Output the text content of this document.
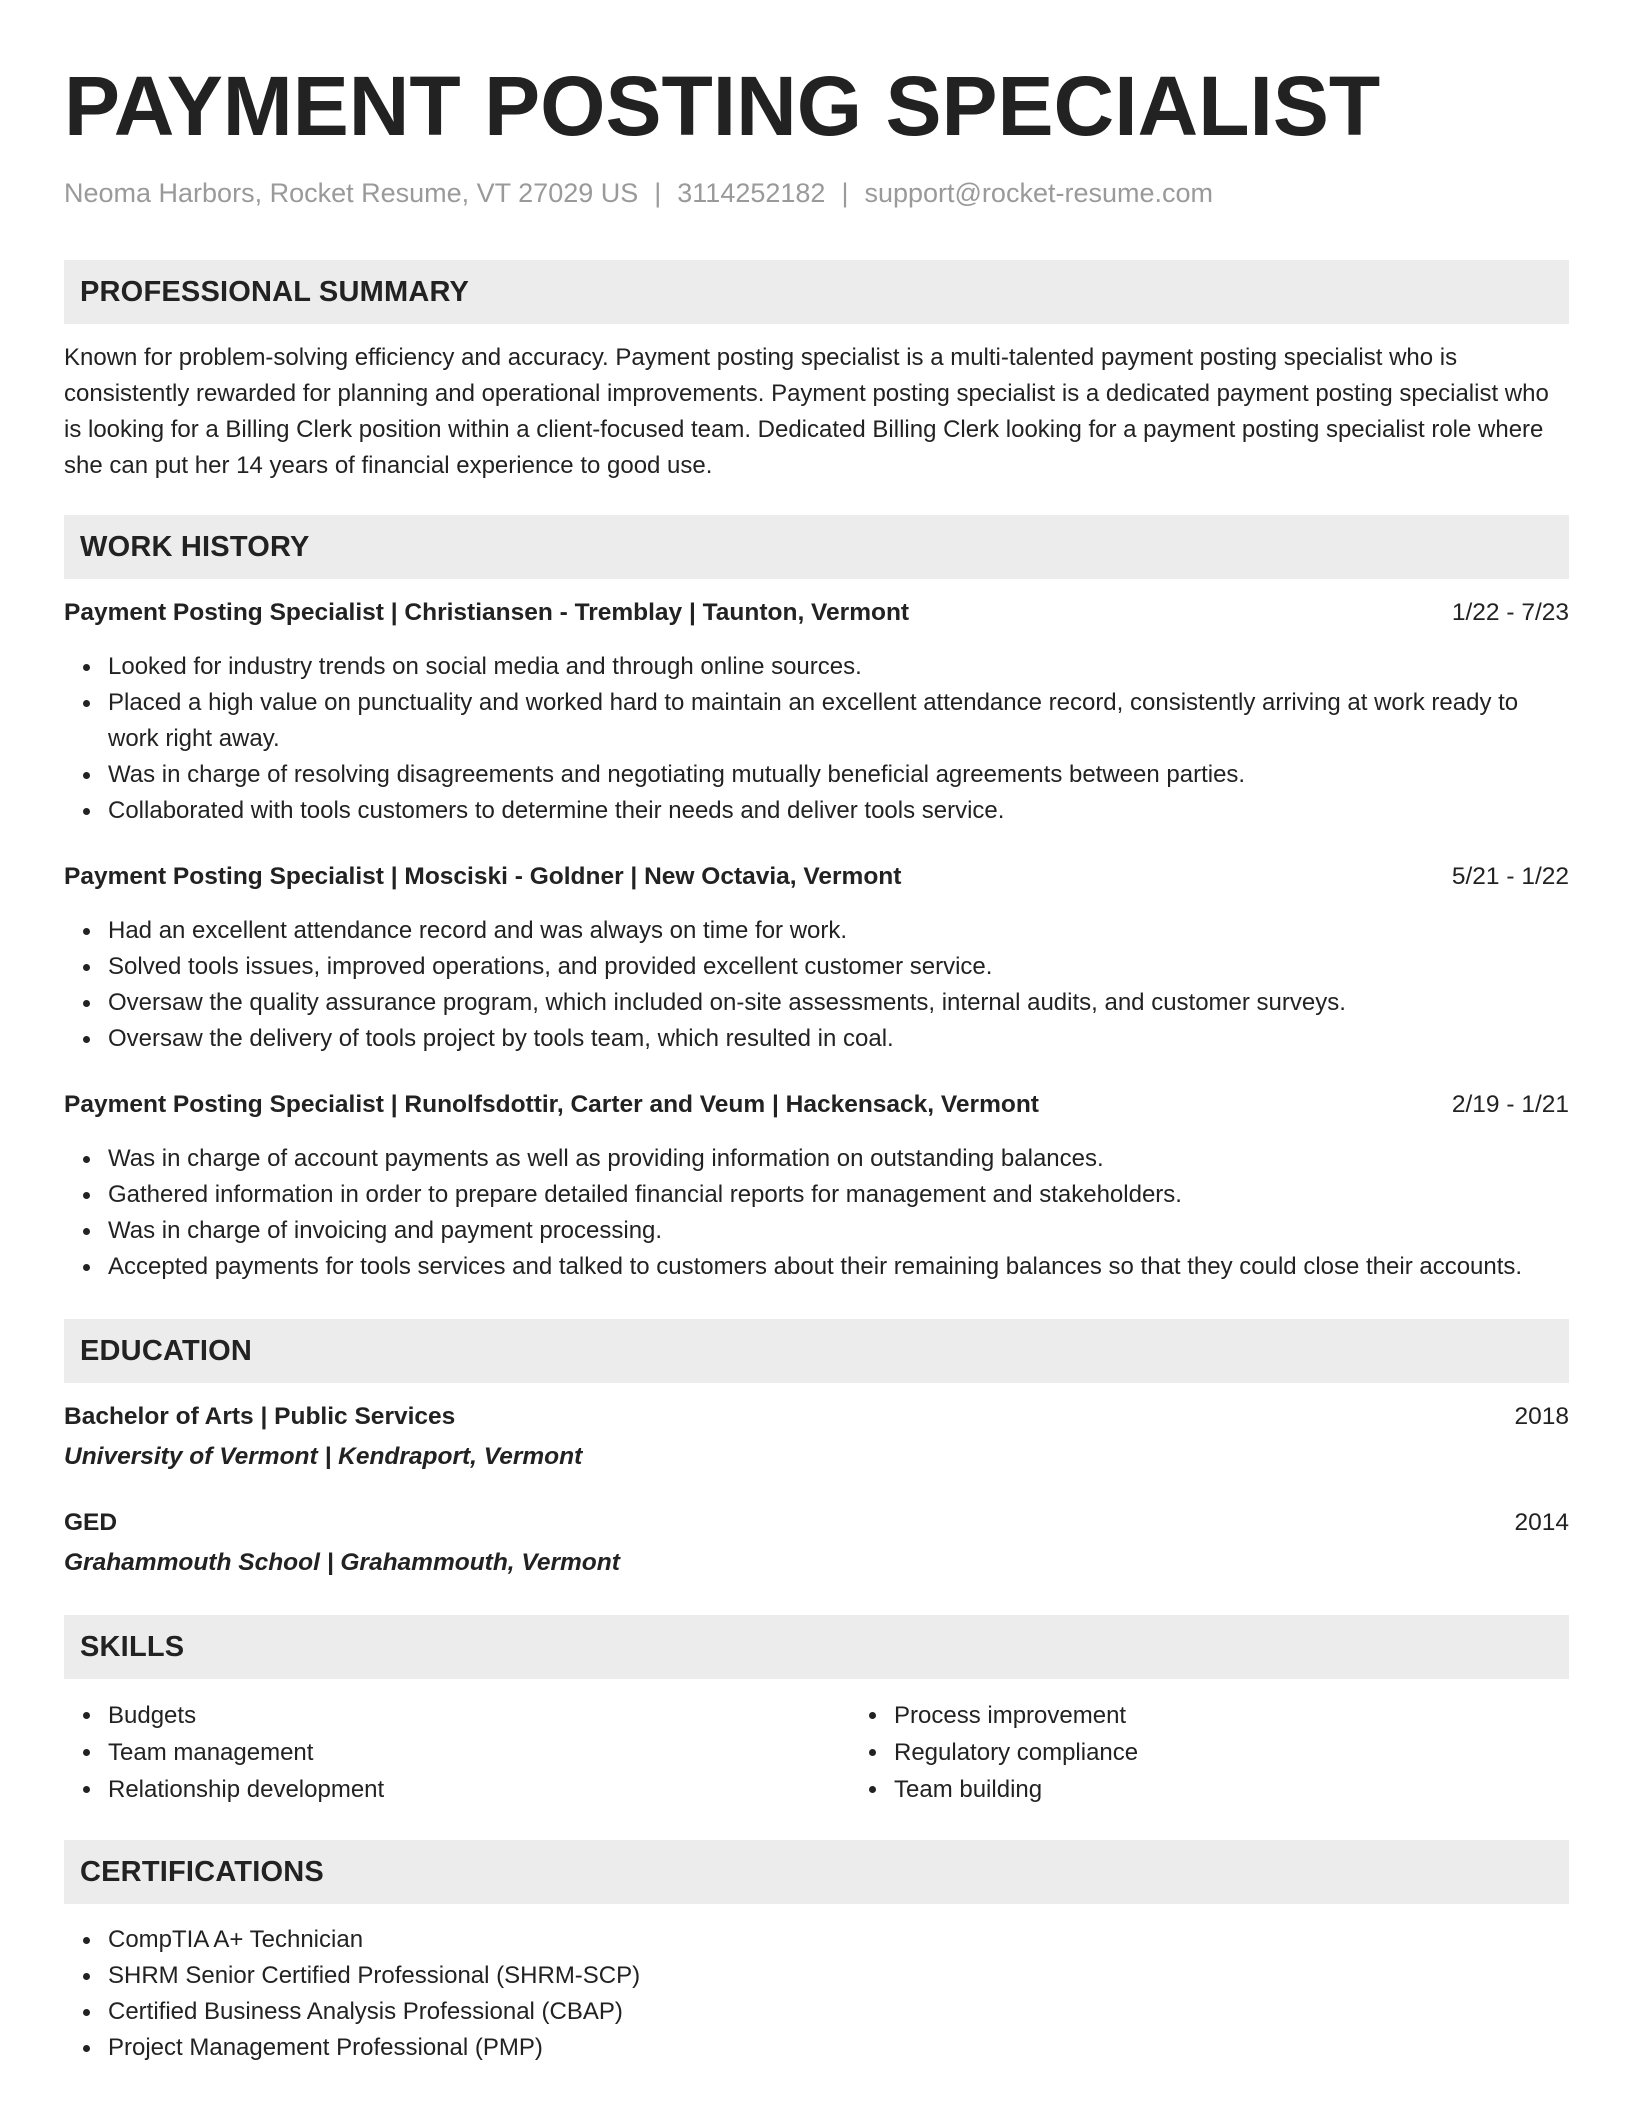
PAYMENT POSTING SPECIALIST
Neoma Harbors, Rocket Resume, VT 27029 US | 3114252182 | support@rocket-resume.com
PROFESSIONAL SUMMARY

Known for problem-solving efficiency and accuracy. Payment posting specialist is a multi-talented payment posting specialist who is consistently rewarded for planning and operational improvements. Payment posting specialist is a dedicated payment posting specialist who is looking for a Billing Clerk position within a client-focused team. Dedicated Billing Clerk looking for a payment posting specialist role where she can put her 14 years of financial experience to good use.

WORK HISTORY
Payment Posting Specialist | Christiansen - Tremblay | Taunton, Vermont	1/22 - 7/23
Looked for industry trends on social media and through online sources.
Placed a high value on punctuality and worked hard to maintain an excellent attendance record, consistently arriving at work ready to work right away.
Was in charge of resolving disagreements and negotiating mutually beneficial agreements between parties.
Collaborated with tools customers to determine their needs and deliver tools service.
Payment Posting Specialist | Mosciski - Goldner | New Octavia, Vermont	5/21 - 1/22
Had an excellent attendance record and was always on time for work.
Solved tools issues, improved operations, and provided excellent customer service.
Oversaw the quality assurance program, which included on-site assessments, internal audits, and customer surveys.
Oversaw the delivery of tools project by tools team, which resulted in coal.
Payment Posting Specialist | Runolfsdottir, Carter and Veum | Hackensack, Vermont	2/19 - 1/21
Was in charge of account payments as well as providing information on outstanding balances.
Gathered information in order to prepare detailed financial reports for management and stakeholders.
Was in charge of invoicing and payment processing.
Accepted payments for tools services and talked to customers about their remaining balances so that they could close their accounts.
EDUCATION
Bachelor of Arts | Public Services	2018
University of Vermont | Kendraport, Vermont
GED	2014
Grahammouth School | Grahammouth, Vermont
SKILLS
Budgets
Team management
Relationship development
Process improvement
Regulatory compliance
Team building
CERTIFICATIONS
CompTIA A+ Technician
SHRM Senior Certified Professional (SHRM-SCP)
Certified Business Analysis Professional (CBAP)
Project Management Professional (PMP)
